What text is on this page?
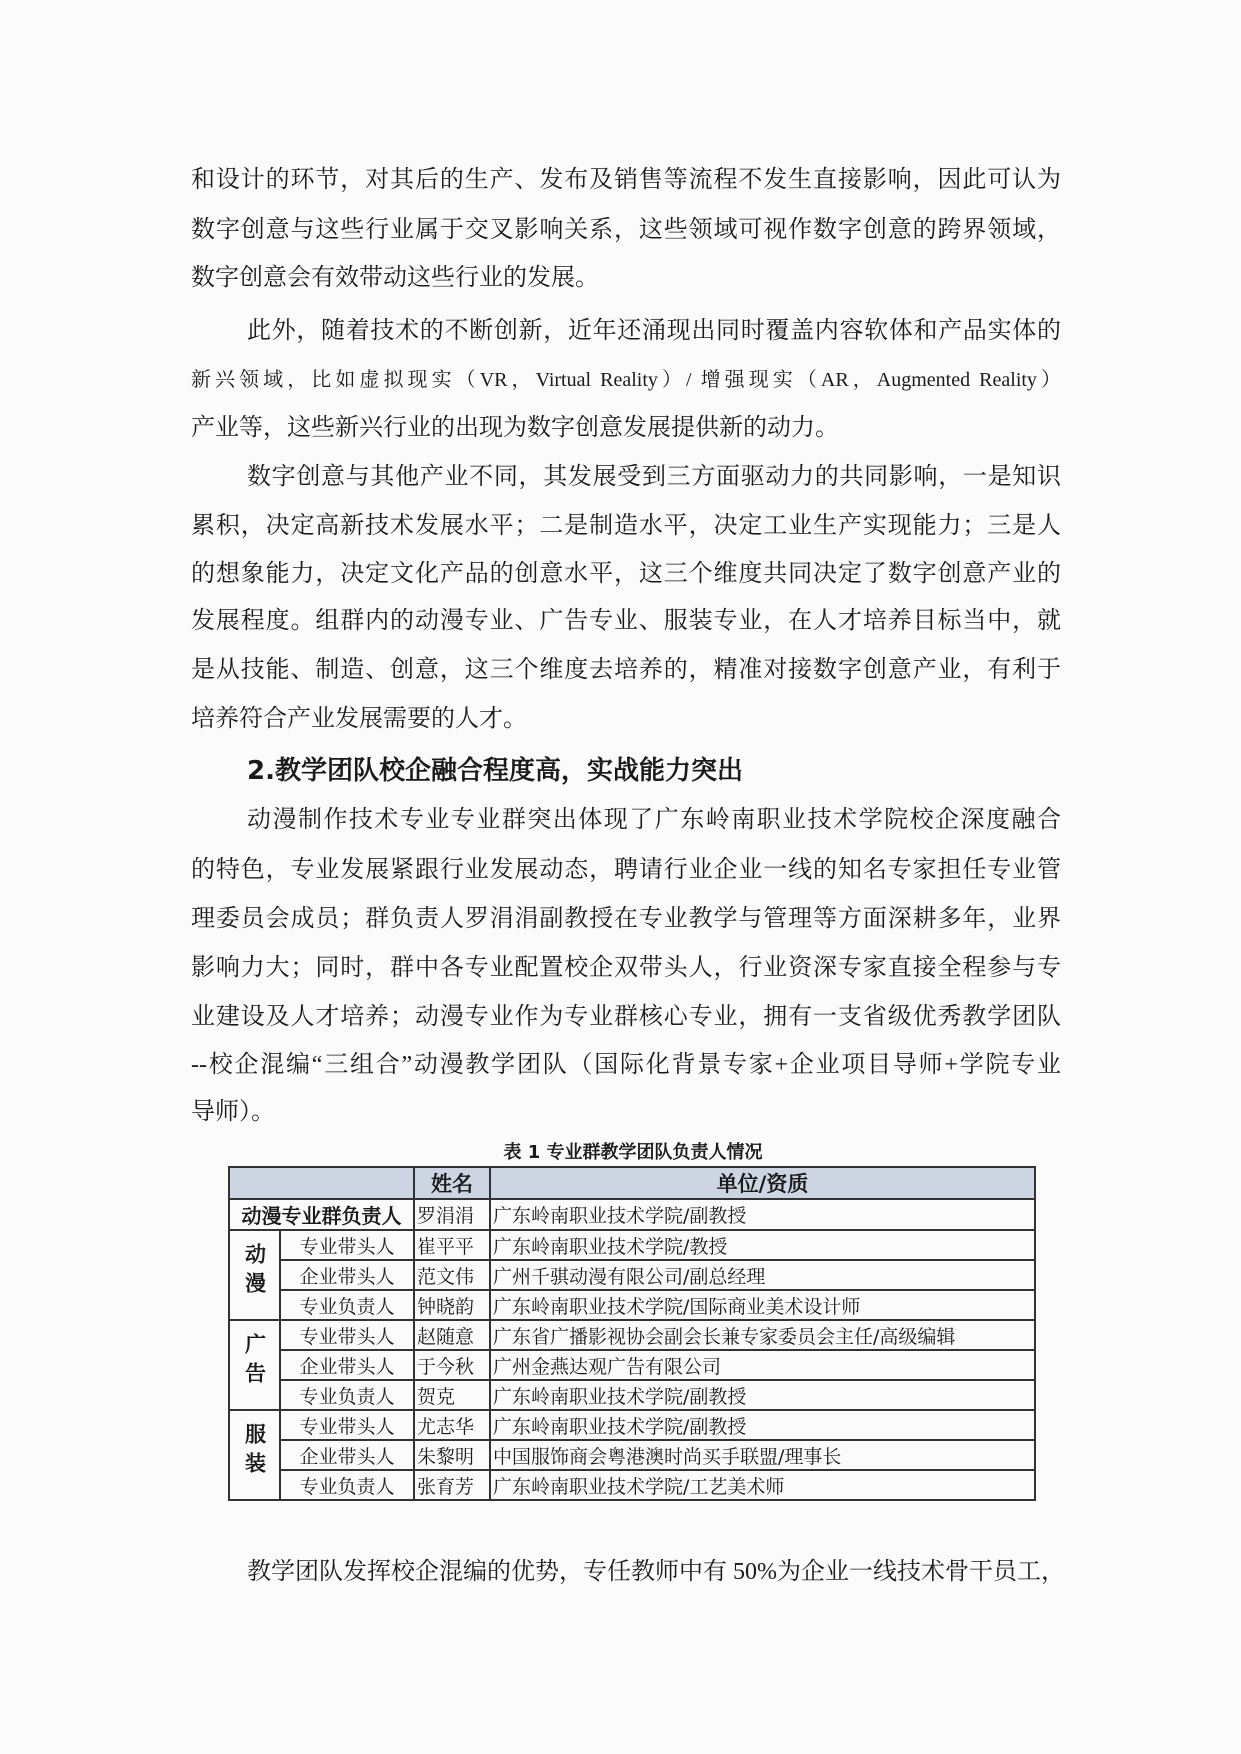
和设计的环节，对其后的生产、发布及销售等流程不发生直接影响，因此可认为
数字创意与这些行业属于交叉影响关系，这些领域可视作数字创意的跨界领域，
数字创意会有效带动这些行业的发展。
此外，随着技术的不断创新，近年还涌现出同时覆盖内容软体和产品实体的
新兴领域，比如虚拟现实（VR，Virtual Reality）/ 增强现实（AR，Augmented Reality）
产业等，这些新兴行业的出现为数字创意发展提供新的动力。
数字创意与其他产业不同，其发展受到三方面驱动力的共同影响，一是知识
累积，决定高新技术发展水平；二是制造水平，决定工业生产实现能力；三是人
的想象能力，决定文化产品的创意水平，这三个维度共同决定了数字创意产业的
发展程度。组群内的动漫专业、广告专业、服装专业，在人才培养目标当中，就
是从技能、制造、创意，这三个维度去培养的，精准对接数字创意产业，有利于
培养符合产业发展需要的人才。
动漫制作技术专业专业群突出体现了广东岭南职业技术学院校企深度融合
的特色，专业发展紧跟行业发展动态，聘请行业企业一线的知名专家担任专业管
理委员会成员；群负责人罗涓涓副教授在专业教学与管理等方面深耕多年，业界
影响力大；同时，群中各专业配置校企双带头人，行业资深专家直接全程参与专
业建设及人才培养；动漫专业作为专业群核心专业，拥有一支省级优秀教学团队
--校企混编“三组合”动漫教学团队（国际化背景专家+企业项目导师+学院专业
导师）。
教学团队发挥校企混编的优势，专任教师中有 50%为企业一线技术骨干员工，
2.教学团队校企融合程度高，实战能力突出
表 1 专业群教学团队负责人情况
		姓名	单位/资质
动漫专业群负责人		罗涓涓	广东岭南职业技术学院/副教授
动漫	专业带头人	崔平平	广东岭南职业技术学院/教授
	企业带头人	范文伟	广州千骐动漫有限公司/副总经理
	专业负责人	钟晓韵	广东岭南职业技术学院/国际商业美术设计师
广告	专业带头人	赵随意	广东省广播影视协会副会长兼专家委员会主任/高级编辑
	企业带头人	于今秋	广州金燕达观广告有限公司
	专业负责人	贺克	广东岭南职业技术学院/副教授
服装	专业带头人	尤志华	广东岭南职业技术学院/副教授
	企业带头人	朱黎明	中国服饰商会粤港澳时尚买手联盟/理事长
	专业负责人	张育芳	广东岭南职业技术学院/工艺美术师
